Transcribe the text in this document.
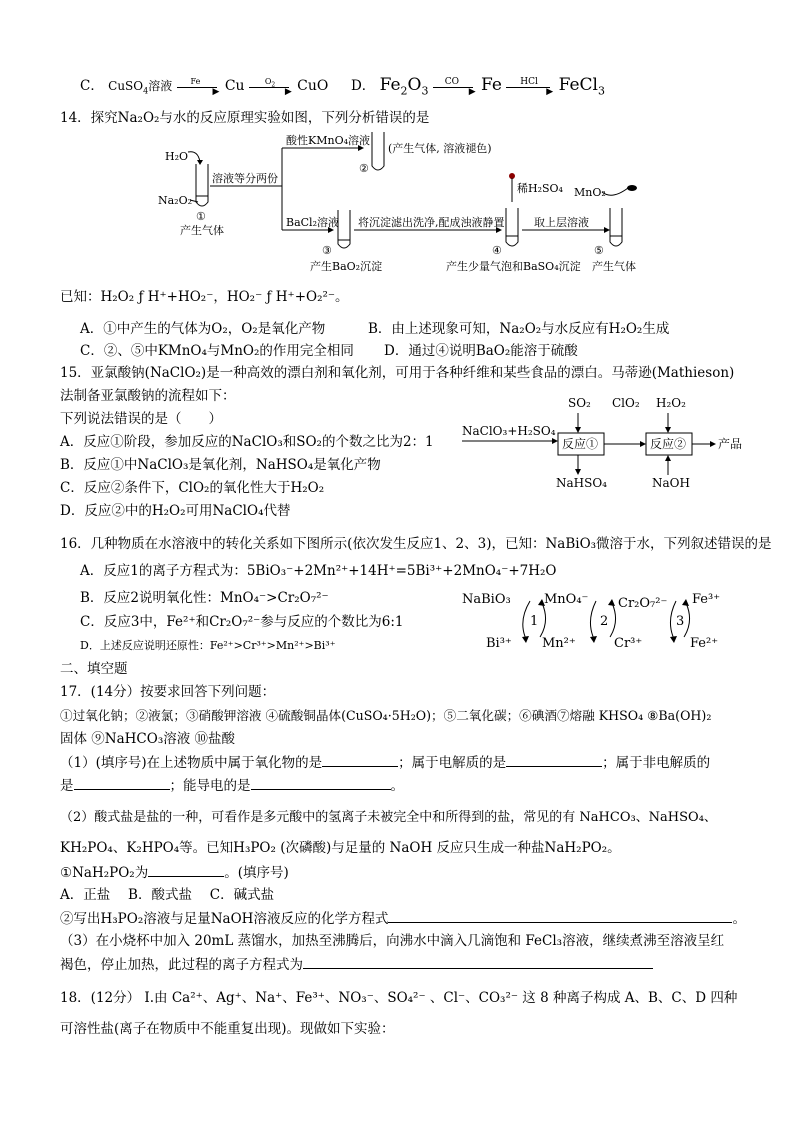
C． CuSO$_4$溶液 Fe
▶ Cu	$O_2$
▶ CuO D． $Fe_2O_3$
CO
▶ Fe HCl
▶ FeCl$_3$
14．探究Na₂O₂与水的反应原理实验如图，下列分析错误的是
H₂O
Na₂O₂
①
产生气体
溶液等分两份
酸性KMnO₄溶液
②
(产生气体, 溶液褪色)
BaCl₂溶液
③
产生BaO₂沉淀
将沉淀滤出洗净,配成浊液静置
稀H₂SO₄
④
产生少量气泡和BaSO₄沉淀
取上层溶液
MnO₂
⑤
产生气体
已知：H₂O₂ ƒ H⁺+HO₂⁻，HO₂⁻ ƒ H⁺+O₂²⁻。
A．①中产生的气体为O₂，O₂是氧化产物	B．由上述现象可知，Na₂O₂与水反应有H₂O₂生成
C．②、⑤中KMnO₄与MnO₂的作用完全相同 D．通过④说明BaO₂能溶于硫酸
15．亚氯酸钠(NaClO₂)是一种高效的漂白剂和氧化剂，可用于各种纤维和某些食品的漂白。马蒂逊(Mathieson)
法制备亚氯酸钠的流程如下：
下列说法错误的是（　　）
A．反应①阶段，参加反应的NaClO₃和SO₂的个数之比为2：1
B．反应①中NaClO₃是氧化剂，NaHSO₄是氧化产物
C．反应②条件下，ClO₂的氧化性大于H₂O₂
D．反应②中的H₂O₂可用NaClO₄代替
NaClO₃+H₂SO₄
SO₂
反应①
NaHSO₄
ClO₂ H₂O₂
反应②
NaOH
产品
16．几种物质在水溶液中的转化关系如下图所示(依次发生反应1、2、3)，已知：NaBiO₃微溶于水，下列叙述错误的是
A．反应1的离子方程式为：5BiO₃⁻+2Mn²⁺+14H⁺=5Bi³⁺+2MnO₄⁻+7H₂O
B．反应2说明氧化性：MnO₄⁻>Cr₂O₇²⁻
C．反应3中，Fe²⁺和Cr₂O₇²⁻参与反应的个数比为6:1
D．上述反应说明还原性：Fe²⁺>Cr³⁺>Mn²⁺>Bi³⁺
NaBiO₃
Bi³⁺
1
MnO₄⁻
Mn²⁺
2
Cr₂O₇²⁻
Cr³⁺
3
Fe³⁺
Fe²⁺
二、填空题
17．(14分）按要求回答下列问题：
①过氧化钠；②液氯；③硝酸钾溶液 ④硫酸铜晶体(CuSO₄·5H₂O)；⑤二氧化碳；⑥碘酒⑦熔融 KHSO₄ ⑧Ba(OH)₂
固体 ⑨NaHCO₃溶液 ⑩盐酸
（1）(填序号)在上述物质中属于氧化物的是	；属于电解质的是	；属于非电解质的
是	；能导电的是	。
（2）酸式盐是盐的一种，可看作是多元酸中的氢离子未被完全中和所得到的盐，常见的有 NaHCO₃、NaHSO₄、
KH₂PO₄、K₂HPO₄等。已知H₃PO₂ (次磷酸)与足量的 NaOH 反应只生成一种盐NaH₂PO₂。
①NaH₂PO₂为	。(填序号)
A．正盐　 B．酸式盐　 C．碱式盐
②写出H₃PO₂溶液与足量NaOH溶液反应的化学方程式	。
（3）在小烧杯中加入 20mL 蒸馏水，加热至沸腾后，向沸水中滴入几滴饱和 FeCl₃溶液，继续煮沸至溶液呈红
褐色，停止加热，此过程的离子方程式为
18．(12分） I.由 Ca²⁺、Ag⁺、Na⁺、Fe³⁺、NO₃⁻、SO₄²⁻ 、Cl⁻、CO₃²⁻ 这 8 种离子构成 A、B、C、D 四种
可溶性盐(离子在物质中不能重复出现)。现做如下实验：
